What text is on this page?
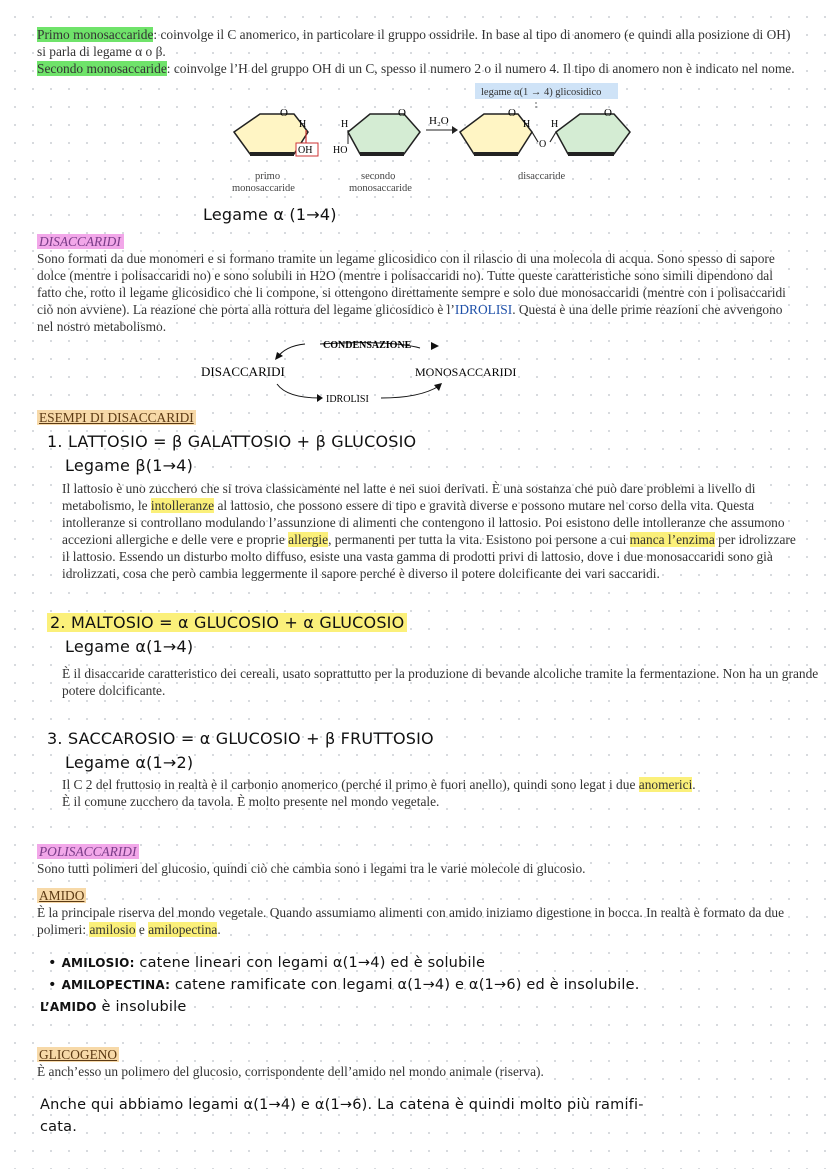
Primo monosaccaride: coinvolge il C anomerico, in particolare il gruppo ossidrile. In base al tipo di anomero (e quindi alla posizione di OH) si parla di legame α o β.

Secondo monosaccaride: coinvolge l’H del gruppo OH di un C, spesso il numero 2 o il numero 4. Il tipo di anomero non è indicato nel nome.

legame α(1 → 4) glicosidico
O
H
OH
O
H
HO
H₂O
O
H
O
H
O
primo
monosaccaride
secondo
monosaccaride
disaccaride

Legame α (1→4)

DISACCARIDI

Sono formati da due monomeri e si formano tramite un legame glicosidico con il rilascio di una molecola di acqua. Sono spesso di sapore dolce (mentre i polisaccaridi no) e sono solubili in H2O (mentre i polisaccaridi no). Tutte queste caratteristiche sono simili dipendono dal fatto che, rotto il legame glicosidico che li compone, si ottengono direttamente sempre e solo due monosaccaridi (mentre con i polisaccaridi ciò non avviene). La reazione che porta alla rottura del legame glicosidico è l’IDROLISI. Questa è una delle prime reazioni che avvengono nel nostro metabolismo.

CONDENSAZIONE
DISACCARIDI	MONOSACCARIDI
IDROLISI
ESEMPI DI DISACCARIDI

1. LATTOSIO = β GALATTOSIO + β GLUCOSIO

Legame β(1→4)

Il lattosio è uno zucchero che si trova classicamente nel latte e nei suoi derivati. È una sostanza che può dare problemi a livello di metabolismo, le intolleranze al lattosio, che possono essere di tipo e gravità diverse e possono mutare nel corso della vita. Questa intolleranze si controllano modulando l’assunzione di alimenti che contengono il lattosio. Poi esistono delle intolleranze che assumono accezioni allergiche e delle vere e proprie allergie, permanenti per tutta la vita. Esistono poi persone a cui manca l’enzima per idrolizzare il lattosio. Essendo un disturbo molto diffuso, esiste una vasta gamma di prodotti privi di lattosio, dove i due monosaccaridi sono già idrolizzati, cosa che però cambia leggermente il sapore perché è diverso il potere dolcificante dei vari saccaridi.

2. MALTOSIO = α GLUCOSIO + α GLUCOSIO

Legame α(1→4)

È il disaccaride caratteristico dei cereali, usato soprattutto per la produzione di bevande alcoliche tramite la fermentazione. Non ha un grande potere dolcificante.

3. SACCAROSIO = α GLUCOSIO + β FRUTTOSIO

Legame α(1→2)

Il C 2 del fruttosio in realtà è il carbonio anomerico (perché il primo è fuori anello), quindi sono legat i due anomerici.
È il comune zucchero da tavola. È molto presente nel mondo vegetale.

POLISACCARIDI

Sono tutti polimeri del glucosio, quindi ciò che cambia sono i legami tra le varie molecole di glucosio.

AMIDO

È la principale riserva del mondo vegetale. Quando assumiamo alimenti con amido iniziamo digestione in bocca. In realtà è formato da due polimeri: amilosio e amilopectina.

• AMILOSIO: catene lineari con legami α(1→4) ed è solubile

• AMILOPECTINA: catene ramificate con legami α(1→4) e α(1→6) ed è insolubile.

L’AMIDO è insolubile

GLICOGENO

È anch’esso un polimero del glucosio, corrispondente dell’amido nel mondo animale (riserva).

Anche qui abbiamo legami α(1→4) e α(1→6). La catena è quindi molto più ramifi-

cata.
